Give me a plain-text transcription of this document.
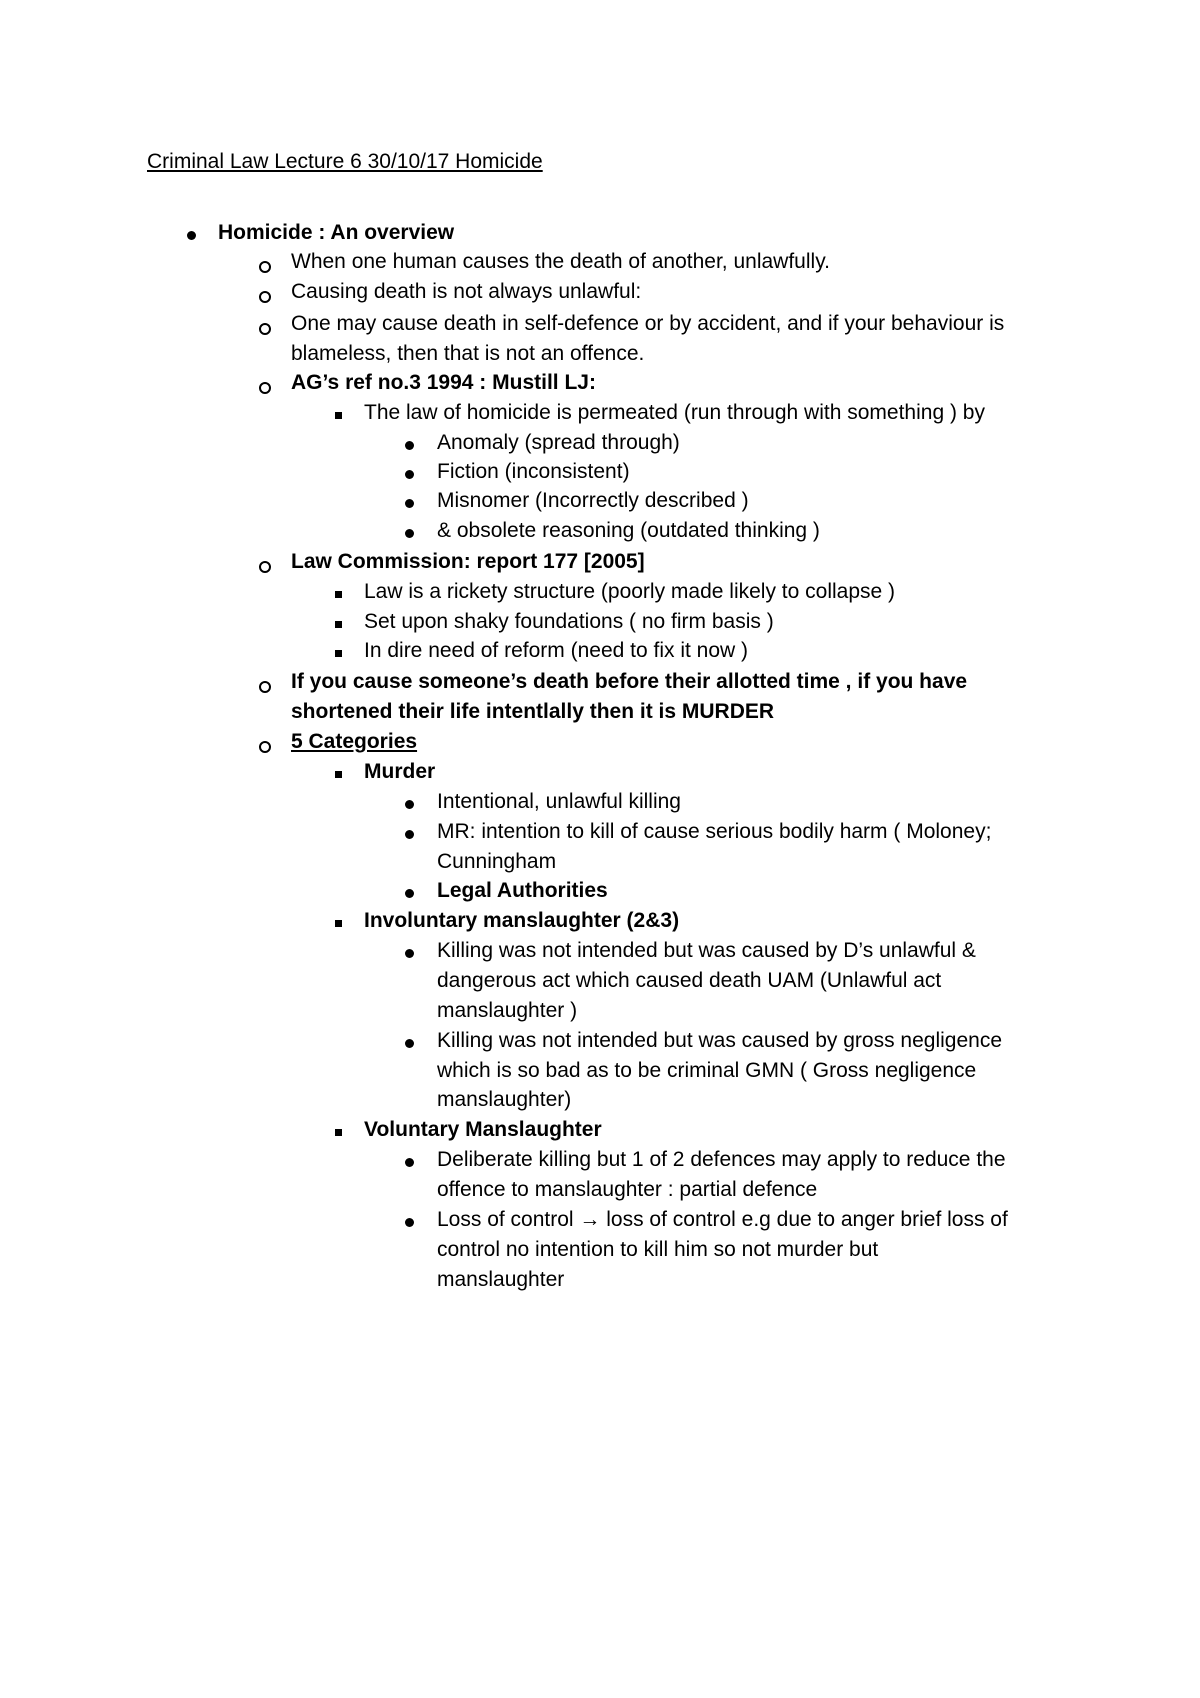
Criminal Law Lecture 6 30/10/17 Homicide
Homicide : An overview
When one human causes the death of another, unlawfully.
Causing death is not always unlawful:
One may cause death in self-defence or by accident, and if your behaviour is
blameless, then that is not an offence.
AG’s ref no.3 1994 : Mustill LJ:
The law of homicide is permeated (run through with something ) by
Anomaly (spread through)
Fiction (inconsistent)
Misnomer (Incorrectly described )
& obsolete reasoning (outdated thinking )
Law Commission: report 177 [2005]
Law is a rickety structure (poorly made likely to collapse )
Set upon shaky foundations ( no firm basis )
In dire need of reform (need to fix it now )
If you cause someone’s death before their allotted time , if you have
shortened their life intentlally then it is MURDER
5 Categories
Murder
Intentional, unlawful killing
MR: intention to kill of cause serious bodily harm ( Moloney;
Cunningham
Legal Authorities
Involuntary manslaughter (2&3)
Killing was not intended but was caused by D’s unlawful &
dangerous act which caused death UAM (Unlawful act
manslaughter )
Killing was not intended but was caused by gross negligence
which is so bad as to be criminal GMN ( Gross negligence
manslaughter)
Voluntary Manslaughter
Deliberate killing but 1 of 2 defences may apply to reduce the
offence to manslaughter : partial defence
Loss of control → loss of control e.g due to anger brief loss of
control no intention to kill him so not murder but
manslaughter
